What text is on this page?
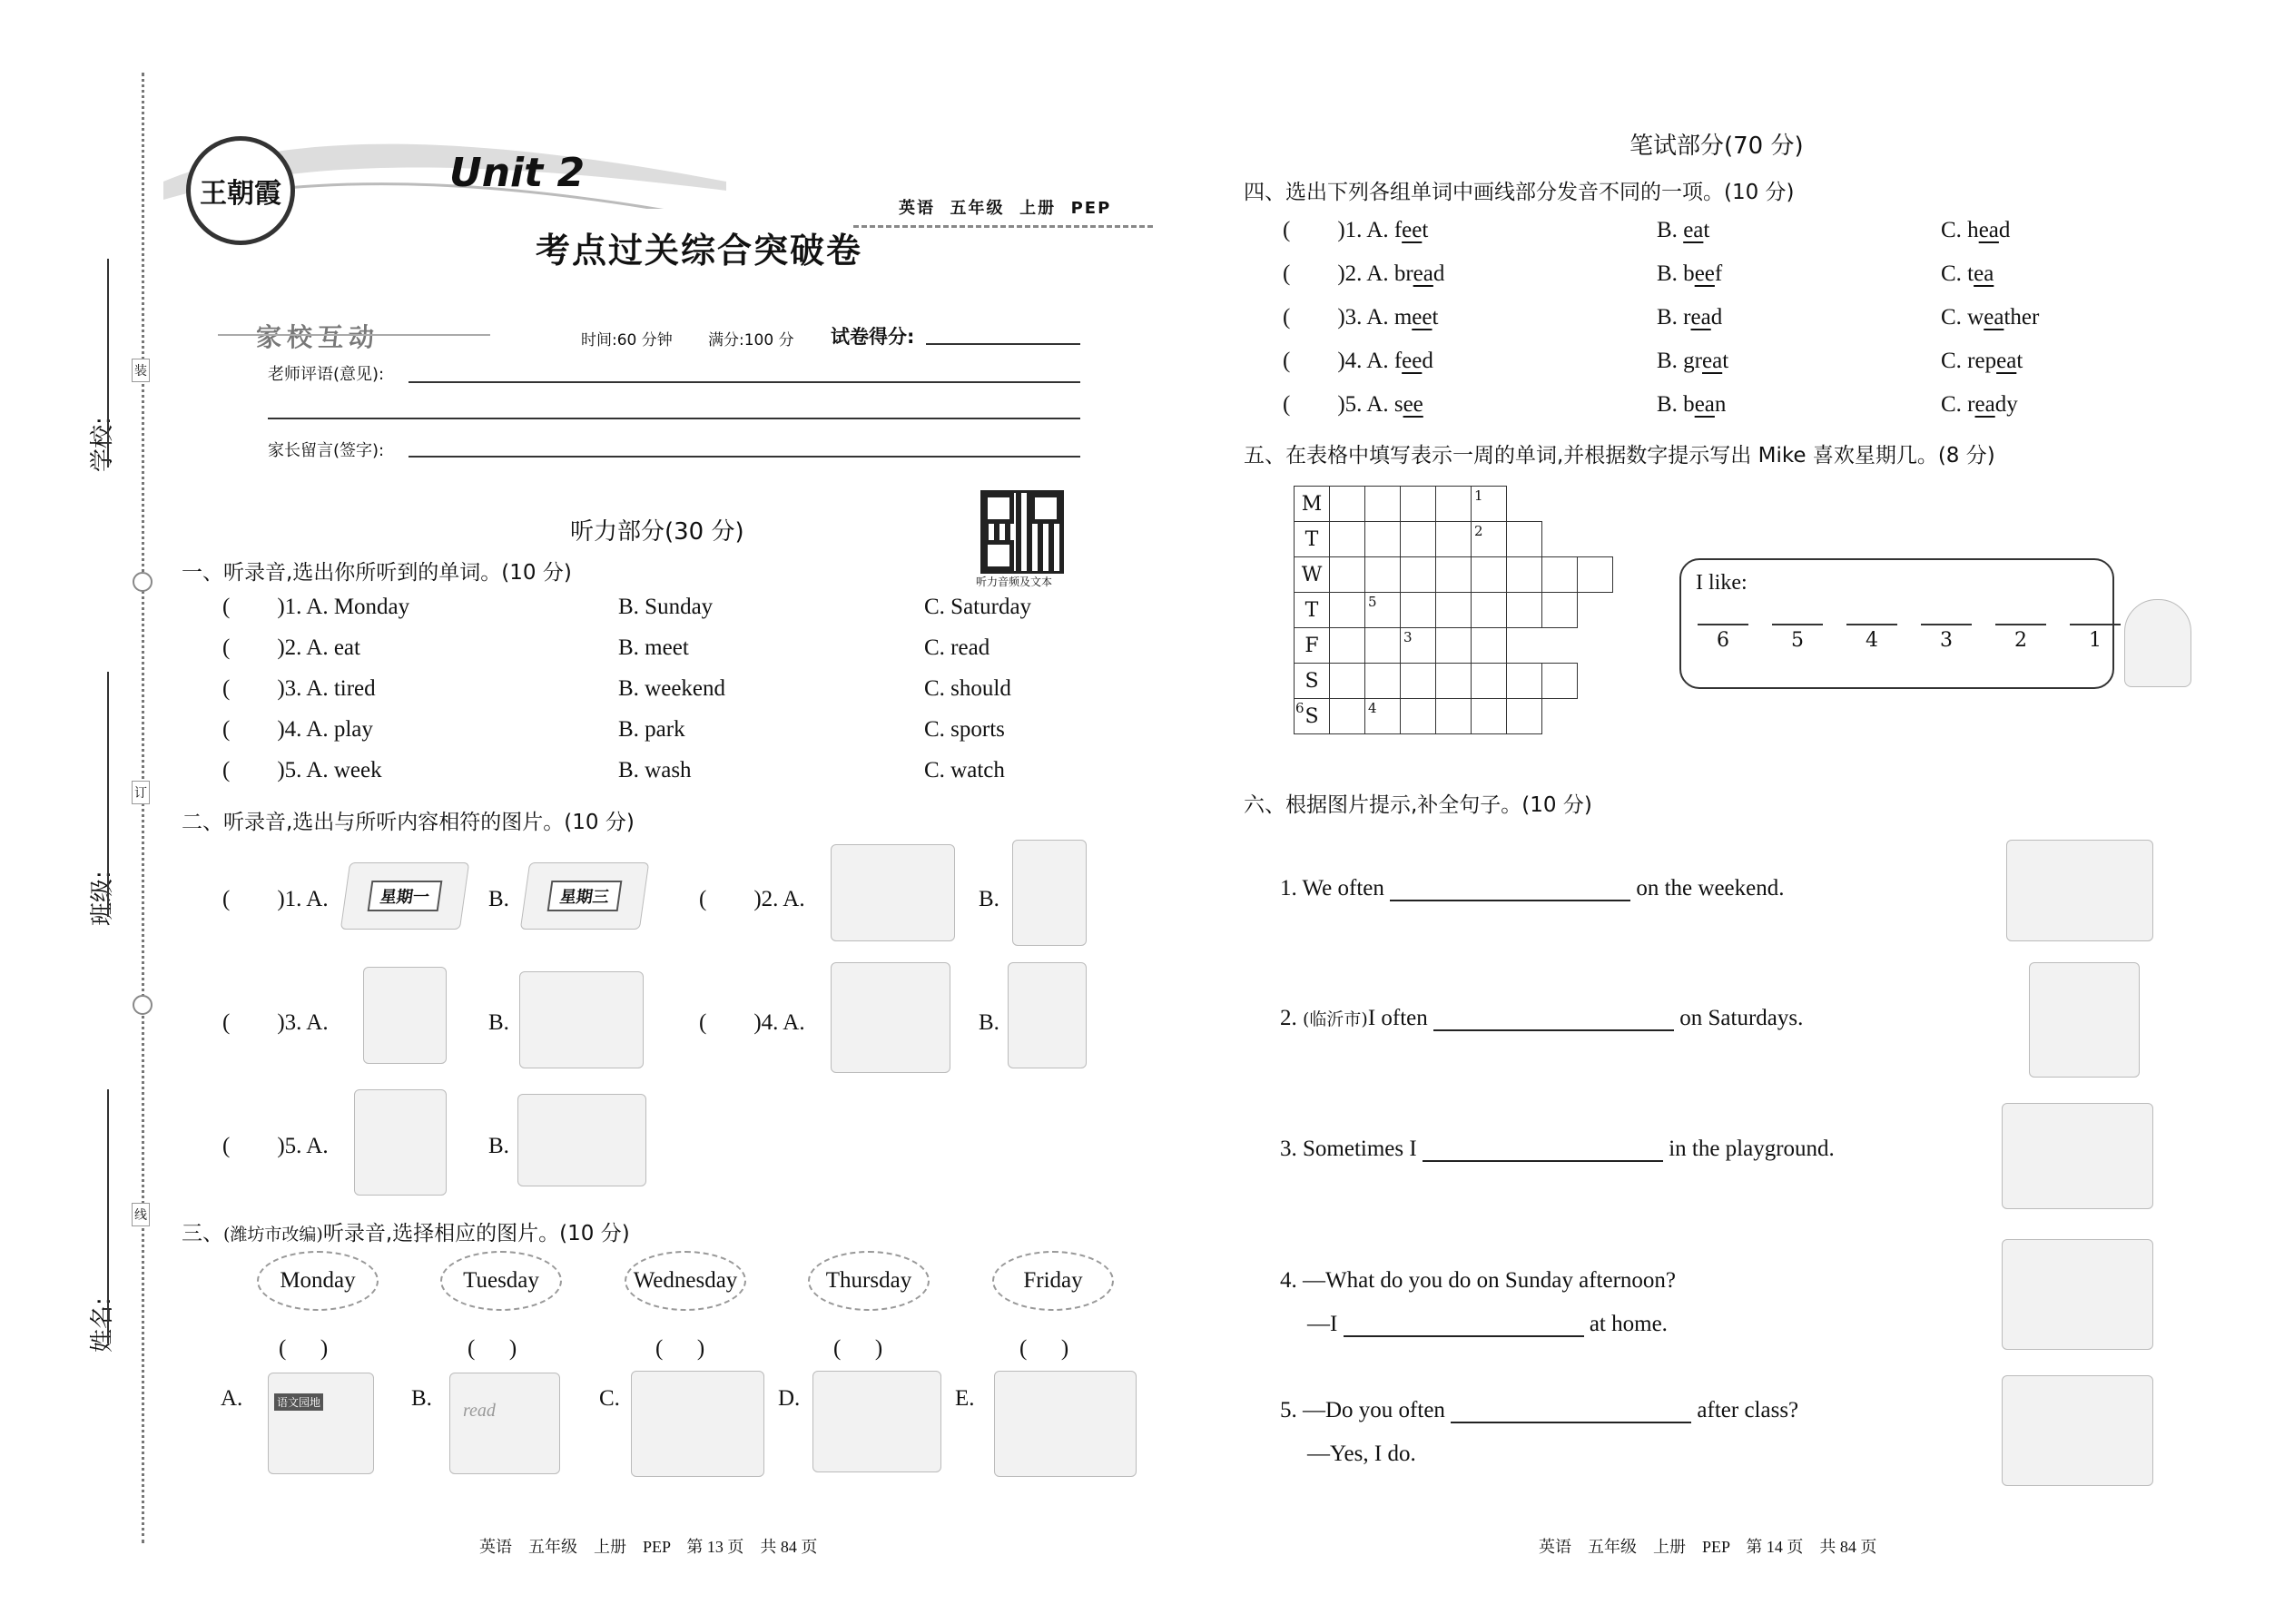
学校:
班级:
姓名:
装
订
线
王朝霞	Unit 2
考点过关综合突破卷
英语  五年级  上册  PEP
家校互动	时间:60 分钟 满分:100 分 试卷得分:
老师评语(意见):
家长留言(签字):
听力音频及文本
听力部分(30 分)
一、听录音,选出你所听到的单词。(10 分)
( )1. A. Monday	B. Sunday	C. Saturday
( )2. A. eat	B. meet	C. read
( )3. A. tired	B. weekend	C. should
( )4. A. play	B. park	C. sports
( )5. A. week	B. wash	C. watch
二、听录音,选出与所听内容相符的图片。(10 分)
( )1. A.	星期一	B.	星期三	( )2. A.	B.
( )3. A.	B.	( )4. A.	B.
( )5. A.	B.
三、(潍坊市改编)听录音,选择相应的图片。(10 分)
Monday	Tuesday	Wednesday	Thursday	Friday
(      )	(      )	(      )	(      )	(      )
A.	语文园地	B. read	C.	D.	E.
英语    五年级    上册    PEP    第 13 页    共 84 页
笔试部分(70 分)
四、选出下列各组单词中画线部分发音不同的一项。(10 分)
( )1. A. feet	B. eat	C. head
( )2. A. bread	B. beef	C. tea
( )3. A. meet	B. read	C. weather
( )4. A. feed	B. great	C. repeat
( )5. A. see	B. bean	C. ready
五、在表格中填写表示一周的单词,并根据数字提示写出 Mike 喜欢星期几。(8 分)
M					1			

T					2			

W								
T		5						

F			3					

S								

6 S		4						

I like:
6	5	4	3	2	1
六、根据图片提示,补全句子。(10 分)
1. We often	on the weekend.
2. (临沂市)I often	on Saturdays.
3. Sometimes I	in the playground.
4. —What do you do on Sunday afternoon?
—I	at home.
5. —Do you often	after class?
—Yes, I do.
英语    五年级    上册    PEP    第 14 页    共 84 页
